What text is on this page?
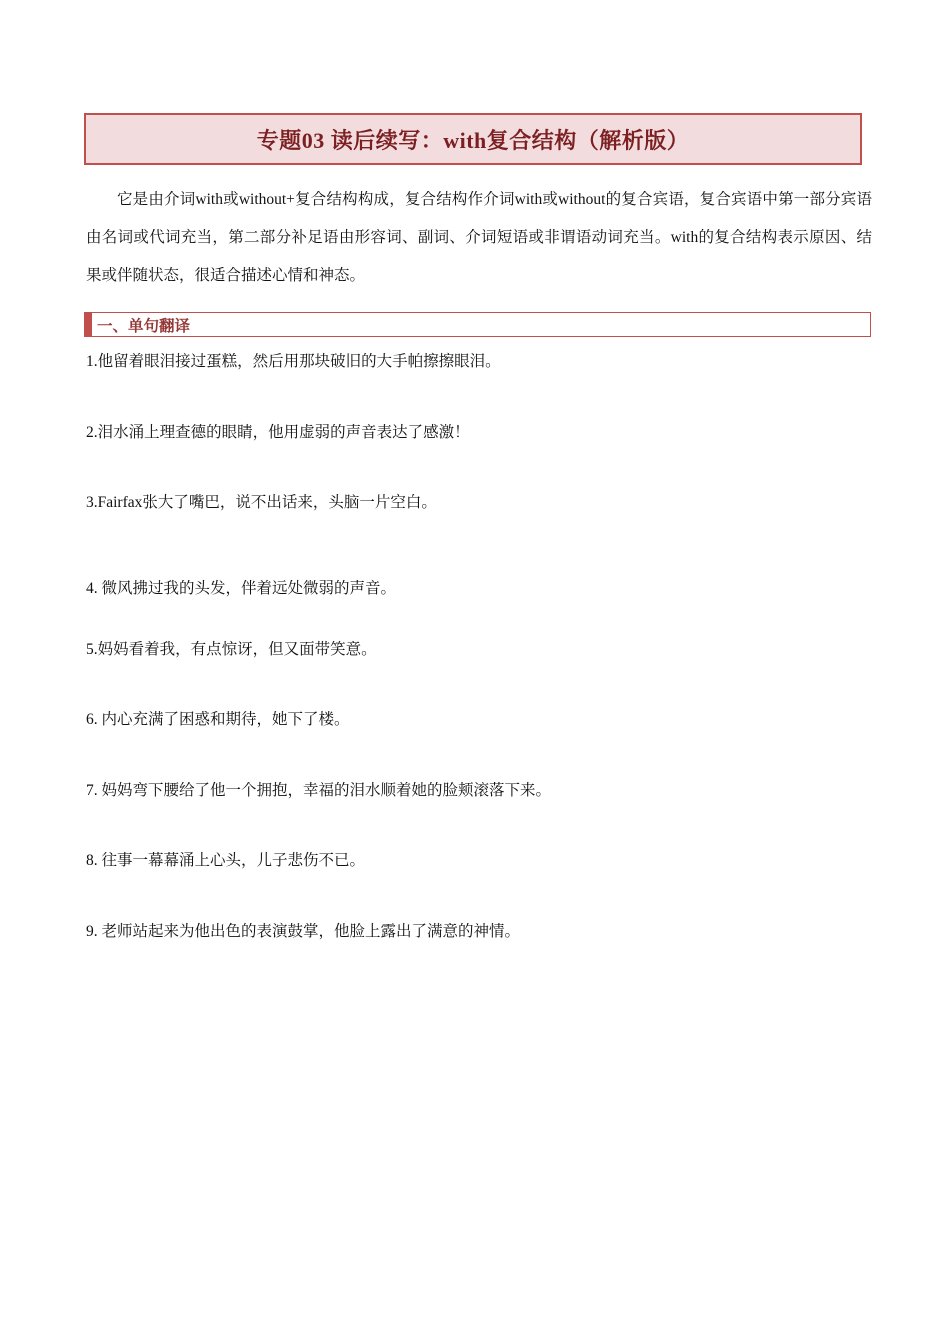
专题03 读后续写：with复合结构（解析版）

它是由介词with或without+复合结构构成，复合结构作介词with或without的复合宾语，复合宾语中第一部分宾语由名词或代词充当，第二部分补足语由形容词、副词、介词短语或非谓语动词充当。with的复合结构表示原因、结果或伴随状态，很适合描述心情和神态。

一、单句翻译

1.他留着眼泪接过蛋糕，然后用那块破旧的大手帕擦擦眼泪。

2.泪水涌上理查德的眼睛，他用虚弱的声音表达了感激！

3.Fairfax张大了嘴巴，说不出话来，头脑一片空白。

4. 微风拂过我的头发，伴着远处微弱的声音。

5.妈妈看着我，有点惊讶，但又面带笑意。

6. 内心充满了困惑和期待，她下了楼。

7. 妈妈弯下腰给了他一个拥抱，幸福的泪水顺着她的脸颊滚落下来。

8. 往事一幕幕涌上心头，儿子悲伤不已。

9. 老师站起来为他出色的表演鼓掌，他脸上露出了满意的神情。
